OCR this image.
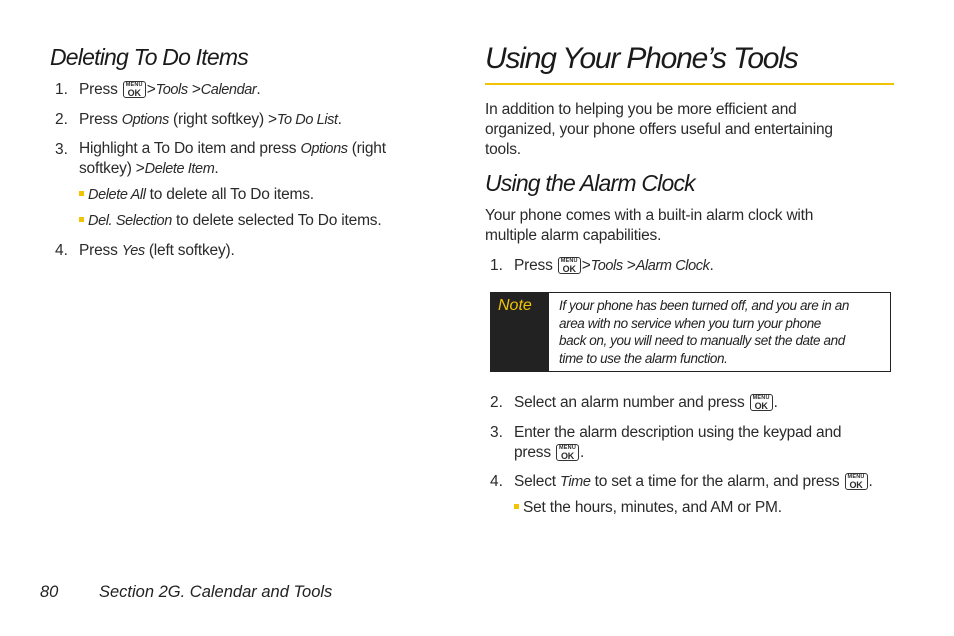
Deleting To Do Items
1. Press	MENU
OK >Tools >Calendar.
2. Press Options (right softkey) >To Do List.
3. Highlight a To Do item and press Options (right
softkey) >Delete Item.
Delete All to delete all To Do items.
Del. Selection to delete selected To Do items.
4. Press Yes (left softkey).
Using Your Phone’s Tools
In addition to helping you be more efficient and
organized, your phone offers useful and entertaining
tools.
Using the Alarm Clock
Your phone comes with a built-in alarm clock with
multiple alarm capabilities.
1. Press	MENU
OK >Tools >Alarm Clock.
Note If your phone has been turned off, and you are in an
area with no service when you turn your phone
back on, you will need to manually set the date and
time to use the alarm function.
2. Select an alarm number and press	MENU
OK .
3. Enter the alarm description using the keypad and
press	MENU
OK .
4. Select Time to set a time for the alarm, and press	MENU
OK .
Set the hours, minutes, and AM or PM.
80 Section 2G. Calendar and Tools
